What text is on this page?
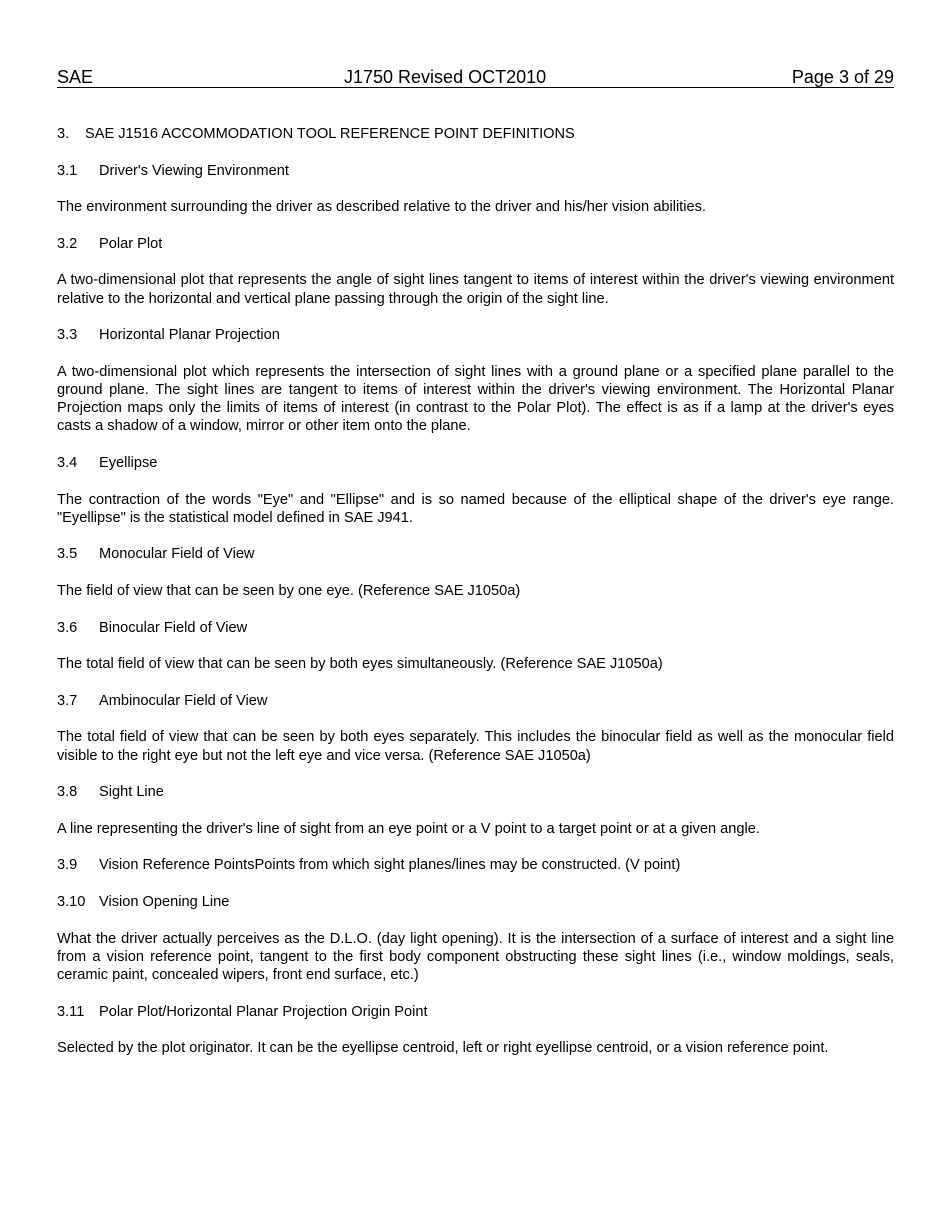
SAE	J1750 Revised OCT2010	Page 3 of 29
3. SAE J1516 ACCOMMODATION TOOL REFERENCE POINT DEFINITIONS
3.1 Driver's Viewing Environment

The environment surrounding the driver as described relative to the driver and his/her vision abilities.

3.2 Polar Plot

A two-dimensional plot that represents the angle of sight lines tangent to items of interest within the driver's viewing environment relative to the horizontal and vertical plane passing through the origin of the sight line.

3.3 Horizontal Planar Projection

A two-dimensional plot which represents the intersection of sight lines with a ground plane or a specified plane parallel to the ground plane. The sight lines are tangent to items of interest within the driver's viewing environment. The Horizontal Planar Projection maps only the limits of items of interest (in contrast to the Polar Plot). The effect is as if a lamp at the driver's eyes casts a shadow of a window, mirror or other item onto the plane.

3.4 Eyellipse

The contraction of the words "Eye" and "Ellipse" and is so named because of the elliptical shape of the driver's eye range. "Eyellipse" is the statistical model defined in SAE J941.

3.5 Monocular Field of View

The field of view that can be seen by one eye. (Reference SAE J1050a)

3.6 Binocular Field of View

The total field of view that can be seen by both eyes simultaneously. (Reference SAE J1050a)

3.7 Ambinocular Field of View

The total field of view that can be seen by both eyes separately. This includes the binocular field as well as the monocular field visible to the right eye but not the left eye and vice versa. (Reference SAE J1050a)

3.8 Sight Line

A line representing the driver's line of sight from an eye point or a V point to a target point or at a given angle.

3.9 Vision Reference PointsPoints from which sight planes/lines may be constructed. (V point)
3.10 Vision Opening Line

What the driver actually perceives as the D.L.O. (day light opening). It is the intersection of a surface of interest and a sight line from a vision reference point, tangent to the first body component obstructing these sight lines (i.e., window moldings, seals, ceramic paint, concealed wipers, front end surface, etc.)

3.11 Polar Plot/Horizontal Planar Projection Origin Point

Selected by the plot originator. It can be the eyellipse centroid, left or right eyellipse centroid, or a vision reference point.
